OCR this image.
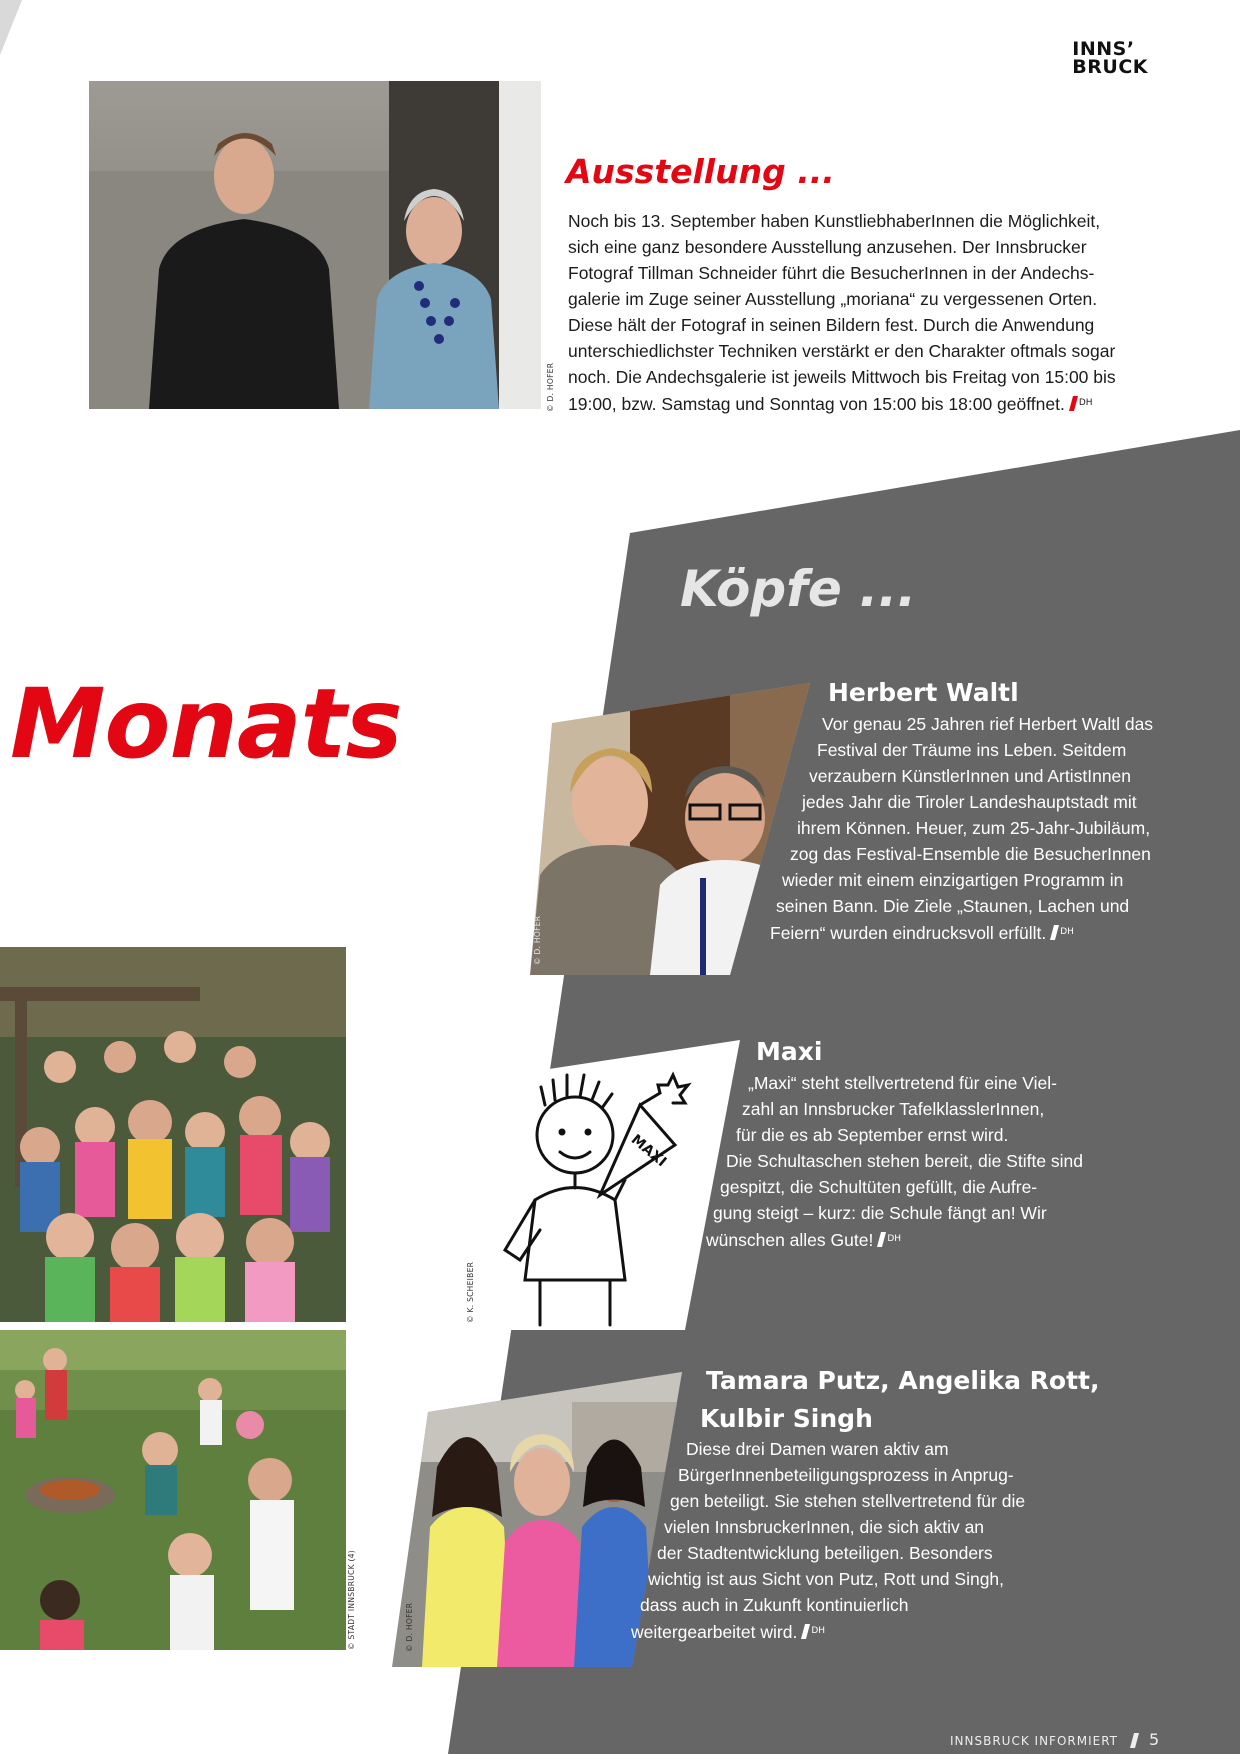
INNS’
BRUCK
© D. HOFER
Ausstellung ...
Noch bis 13. September haben KunstliebhaberInnen die Möglichkeit,
sich eine ganz besondere Ausstellung anzusehen. Der Innsbrucker
Fotograf Tillman Schneider führt die BesucherInnen in der Andechs-
galerie im Zuge seiner Ausstellung „moriana“ zu vergessenen Orten.
Diese hält der Fotograf in seinen Bildern fest. Durch die Anwendung
unterschiedlichster Techniken verstärkt er den Charakter oftmals sogar
noch. Die Andechsgalerie ist jeweils Mittwoch bis Freitag von 15:00 bis
19:00, bzw. Samstag und Sonntag von 15:00 bis 18:00 geöffnet. $^{DH}$
Köpfe ...
Monats
© D. HOFER
Herbert Waltl
Vor genau 25 Jahren rief Herbert Waltl das
Festival der Träume ins Leben. Seitdem
verzaubern KünstlerInnen und ArtistInnen
jedes Jahr die Tiroler Landeshauptstadt mit
ihrem Können. Heuer, zum 25-Jahr-Jubiläum,
zog das Festival-Ensemble die BesucherInnen
wieder mit einem einzigartigen Programm in
seinen Bann. Die Ziele „Staunen, Lachen und
Feiern“ wurden eindrucksvoll erfüllt. $^{DH}$
© STADT INNSBRUCK (4)
MAXI
© K. SCHEIBER
Maxi
„Maxi“ steht stellvertretend für eine Viel-
zahl an Innsbrucker TafelklasslerInnen,
für die es ab September ernst wird.
Die Schultaschen stehen bereit, die Stifte sind
gespitzt, die Schultüten gefüllt, die Aufre-
gung steigt – kurz: die Schule fängt an! Wir
wünschen alles Gute! $^{DH}$
© D. HOFER
Tamara Putz, Angelika Rott,
Kulbir Singh
Diese drei Damen waren aktiv am
BürgerInnenbeteiligungsprozess in Anprug-
gen beteiligt. Sie stehen stellvertretend für die
vielen InnsbruckerInnen, die sich aktiv an
der Stadtentwicklung beteiligen. Besonders
wichtig ist aus Sicht von Putz, Rott und Singh,
dass auch in Zukunft kontinuierlich
weitergearbeitet wird. $^{DH}$
INNSBRUCK INFORMIERT 5
